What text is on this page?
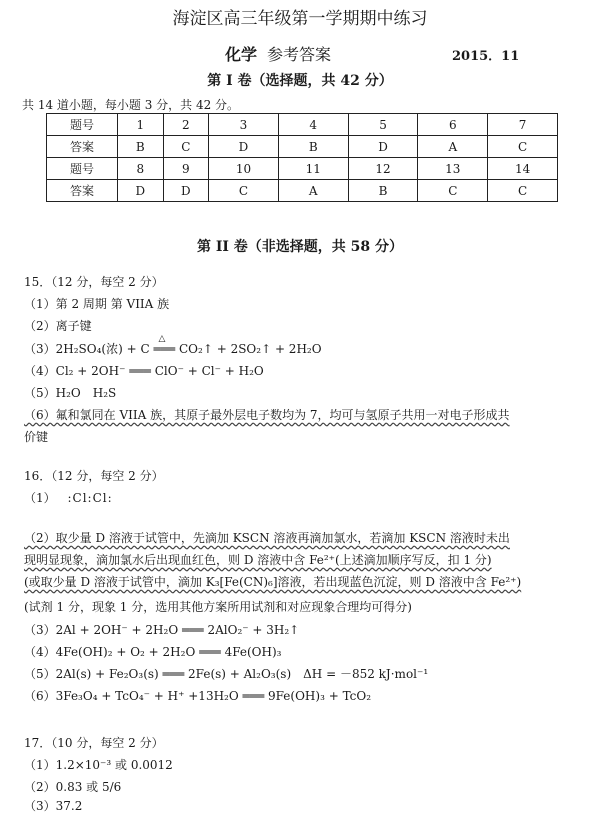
海淀区高三年级第一学期期中练习
化学 参考答案	2015．11
第 I 卷（选择题，共 42 分）
共 14 道小题，每小题 3 分，共 42 分。
题号	1	2	3	4	5	6	7
答案	B	C	D	B	D	A	C
题号	8	9	10	11	12	13	14
答案	D	D	C	A	B	C	C
第 II 卷（非选择题，共 58 分）
15．（12 分，每空 2 分）
（1）第 2 周期 第 VIIA 族
（2）离子键
（3）2H₂SO₄(浓) + C
△
═══ CO₂↑ + 2SO₂↑ + 2H₂O
（4）Cl₂ + 2OH⁻ ═══ ClO⁻ + Cl⁻ + H₂O
（5）H₂O　H₂S
（6）氟和氯同在 VIIA 族，其原子最外层电子数均为 7，均可与氢原子共用一对电子形成共
价键
16．（12 分，每空 2 分）
（1） :Cl:Cl:
（2）取少量 D 溶液于试管中，先滴加 KSCN 溶液再滴加氯水，若滴加 KSCN 溶液时未出
现明显现象，滴加氯水后出现血红色，则 D 溶液中含 Fe²⁺(上述滴加顺序写反，扣 1 分)
(或取少量 D 溶液于试管中，滴加 K₃[Fe(CN)₆]溶液，若出现蓝色沉淀，则 D 溶液中含 Fe²⁺)
(试剂 1 分，现象 1 分，选用其他方案所用试剂和对应现象合理均可得分)
（3）2Al + 2OH⁻ + 2H₂O ═══ 2AlO₂⁻ + 3H₂↑
（4）4Fe(OH)₂ + O₂ + 2H₂O ═══ 4Fe(OH)₃
（5）2Al(s) + Fe₂O₃(s) ═══ 2Fe(s) + Al₂O₃(s)　ΔH = －852 kJ·mol⁻¹
（6）3Fe₃O₄ + TcO₄⁻ + H⁺ +13H₂O ═══ 9Fe(OH)₃ + TcO₂
17．（10 分，每空 2 分）
（1）1.2×10⁻³ 或 0.0012
（2）0.83 或 5/6
（3）37.2
